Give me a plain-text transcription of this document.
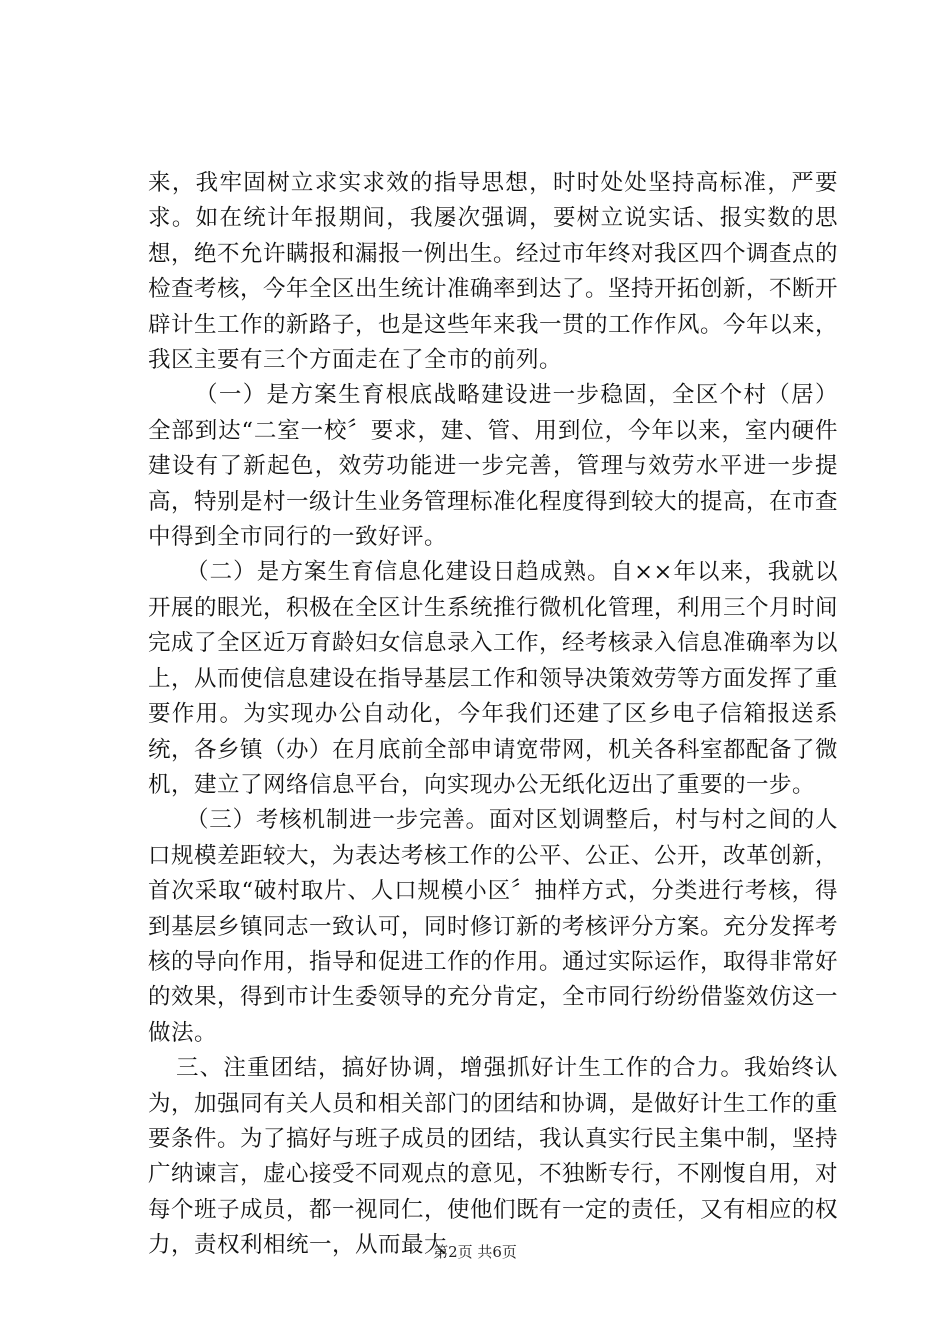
来，我牢固树立求实求效的指导思想，时时处处坚持高标准，严要求。如在统计年报期间，我屡次强调，要树立说实话、报实数的思想，绝不允许瞒报和漏报一例出生。经过市年终对我区四个调查点的检查考核，今年全区出生统计准确率到达了。坚持开拓创新，不断开辟计生工作的新路子，也是这些年来我一贯的工作作风。今年以来，我区主要有三个方面走在了全市的前列。

（一）是方案生育根底战略建设进一步稳固，全区个村（居）全部到达“二室一校〞要求，建、管、用到位，今年以来，室内硬件建设有了新起色，效劳功能进一步完善，管理与效劳水平进一步提高，特别是村一级计生业务管理标准化程度得到较大的提高，在市查中得到全市同行的一致好评。

（二）是方案生育信息化建设日趋成熟。自××年以来，我就以开展的眼光，积极在全区计生系统推行微机化管理，利用三个月时间完成了全区近万育龄妇女信息录入工作，经考核录入信息准确率为以上，从而使信息建设在指导基层工作和领导决策效劳等方面发挥了重要作用。为实现办公自动化，今年我们还建了区乡电子信箱报送系统，各乡镇（办）在月底前全部申请宽带网，机关各科室都配备了微机，建立了网络信息平台，向实现办公无纸化迈出了重要的一步。

（三）考核机制进一步完善。面对区划调整后，村与村之间的人口规模差距较大，为表达考核工作的公平、公正、公开，改革创新，首次采取“破村取片、人口规模小区〞抽样方式，分类进行考核，得到基层乡镇同志一致认可，同时修订新的考核评分方案。充分发挥考核的导向作用，指导和促进工作的作用。通过实际运作，取得非常好的效果，得到市计生委领导的充分肯定，全市同行纷纷借鉴效仿这一做法。

三、注重团结，搞好协调，增强抓好计生工作的合力。我始终认为，加强同有关人员和相关部门的团结和协调，是做好计生工作的重要条件。为了搞好与班子成员的团结，我认真实行民主集中制，坚持广纳谏言，虚心接受不同观点的意见，不独断专行，不刚愎自用，对每个班子成员，都一视同仁，使他们既有一定的责任，又有相应的权力，责权利相统一，从而最大

第2页 共6页
